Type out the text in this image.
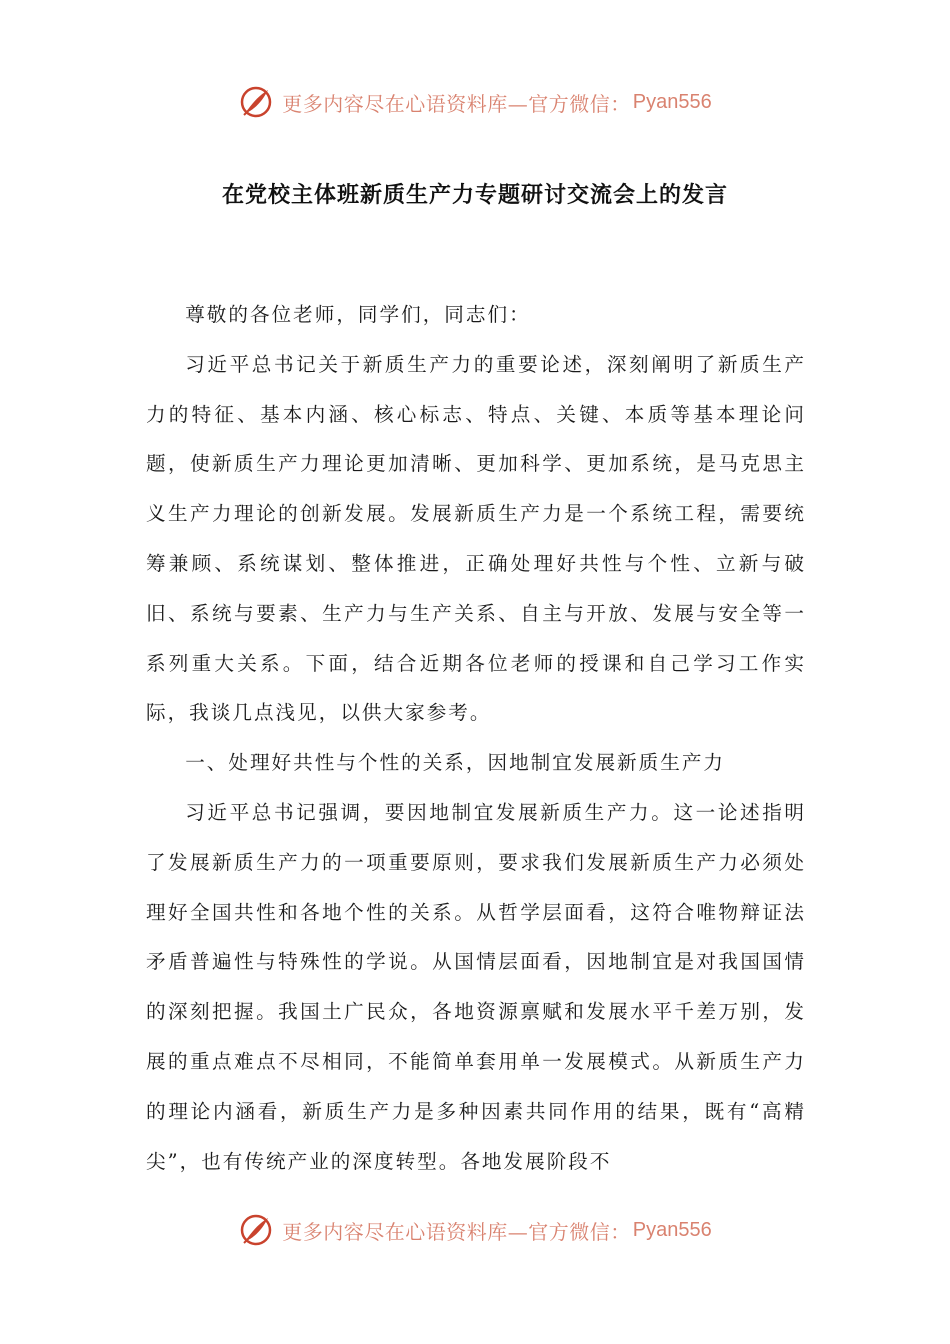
更多内容尽在心语资料库—官方微信： Pyan556
在党校主体班新质生产力专题研讨交流会上的发言

尊敬的各位老师，同学们，同志们：

习近平总书记关于新质生产力的重要论述，深刻阐明了新质生产力的特征、基本内涵、核心标志、特点、关键、本质等基本理论问题，使新质生产力理论更加清晰、更加科学、更加系统，是马克思主义生产力理论的创新发展。发展新质生产力是一个系统工程，需要统筹兼顾、系统谋划、整体推进，正确处理好共性与个性、立新与破旧、系统与要素、生产力与生产关系、自主与开放、发展与安全等一系列重大关系。下面，结合近期各位老师的授课和自己学习工作实际，我谈几点浅见，以供大家参考。

一、处理好共性与个性的关系，因地制宜发展新质生产力

习近平总书记强调，要因地制宜发展新质生产力。这一论述指明了发展新质生产力的一项重要原则，要求我们发展新质生产力必须处理好全国共性和各地个性的关系。从哲学层面看，这符合唯物辩证法矛盾普遍性与特殊性的学说。从国情层面看，因地制宜是对我国国情的深刻把握。我国土广民众，各地资源禀赋和发展水平千差万别，发展的重点难点不尽相同，不能简单套用单一发展模式。从新质生产力的理论内涵看，新质生产力是多种因素共同作用的结果，既有“高精尖”，也有传统产业的深度转型。各地发展阶段不

更多内容尽在心语资料库—官方微信： Pyan556
